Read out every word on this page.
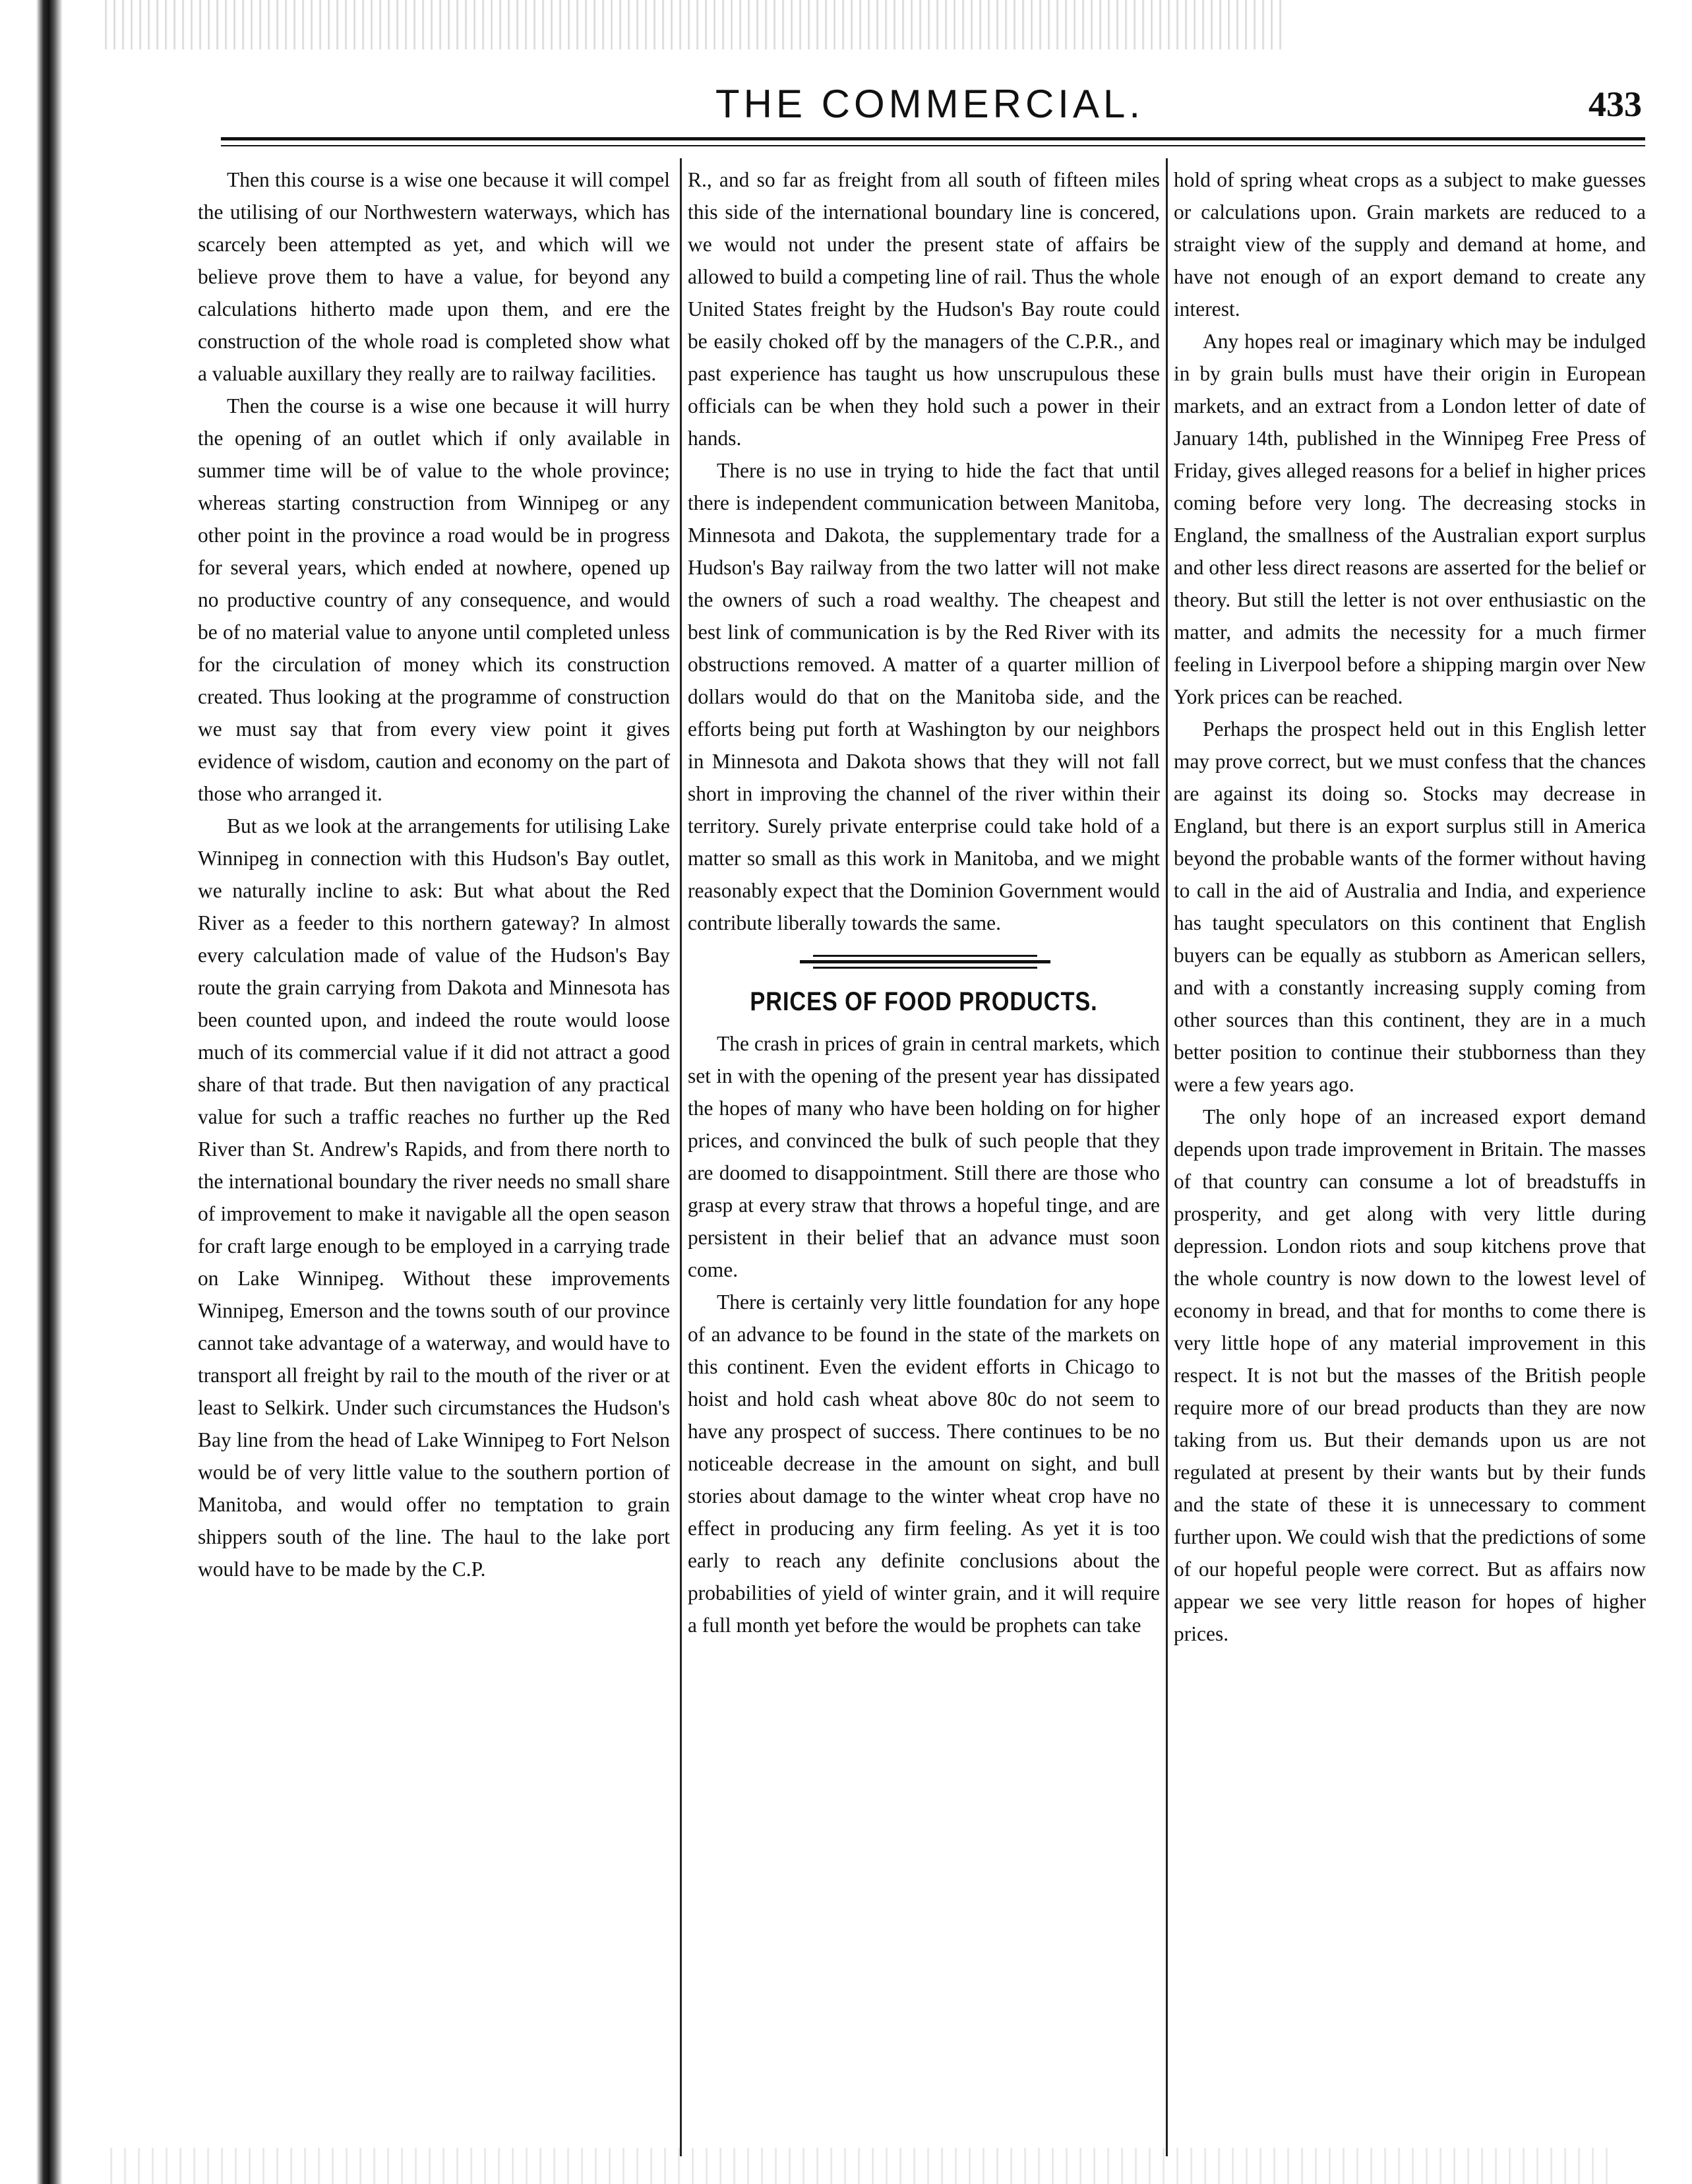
THE COMMERCIAL.	433

Then this course is a wise one because it will compel the utilising of our Northwestern waterways, which has scarcely been attempted as yet, and which will we believe prove them to have a value, for beyond any calculations hitherto made upon them, and ere the construction of the whole road is completed show what a valuable auxillary they really are to railway facilities.

Then the course is a wise one because it will hurry the opening of an outlet which if only available in summer time will be of value to the whole province; whereas starting construction from Winnipeg or any other point in the province a road would be in progress for several years, which ended at nowhere, opened up no productive country of any consequence, and would be of no material value to anyone until completed unless for the circulation of money which its construction created. Thus looking at the programme of construction we must say that from every view point it gives evidence of wisdom, caution and economy on the part of those who arranged it.

But as we look at the arrangements for utilising Lake Winnipeg in connection with this Hudson's Bay outlet, we naturally incline to ask: But what about the Red River as a feeder to this northern gateway? In almost every calculation made of value of the Hudson's Bay route the grain carrying from Dakota and Minnesota has been counted upon, and indeed the route would loose much of its commercial value if it did not attract a good share of that trade. But then navigation of any practical value for such a traffic reaches no further up the Red River than St. Andrew's Rapids, and from there north to the international boundary the river needs no small share of improvement to make it navigable all the open season for craft large enough to be employed in a carrying trade on Lake Winnipeg. Without these improvements Winnipeg, Emerson and the towns south of our province cannot take advantage of a waterway, and would have to transport all freight by rail to the mouth of the river or at least to Selkirk. Under such circumstances the Hudson's Bay line from the head of Lake Winnipeg to Fort Nelson would be of very little value to the southern portion of Manitoba, and would offer no temptation to grain shippers south of the line. The haul to the lake port would have to be made by the C.P.

R., and so far as freight from all south of fifteen miles this side of the international boundary line is concered, we would not under the present state of affairs be allowed to build a competing line of rail. Thus the whole United States freight by the Hudson's Bay route could be easily choked off by the managers of the C.P.R., and past experience has taught us how unscrupulous these officials can be when they hold such a power in their hands.

There is no use in trying to hide the fact that until there is independent communication between Manitoba, Minnesota and Dakota, the supplementary trade for a Hudson's Bay railway from the two latter will not make the owners of such a road wealthy. The cheapest and best link of communication is by the Red River with its obstructions removed. A matter of a quarter million of dollars would do that on the Manitoba side, and the efforts being put forth at Washington by our neighbors in Minnesota and Dakota shows that they will not fall short in improving the channel of the river within their territory. Surely private enterprise could take hold of a matter so small as this work in Manitoba, and we might reasonably expect that the Dominion Government would contribute liberally towards the same.

PRICES OF FOOD PRODUCTS.

The crash in prices of grain in central markets, which set in with the opening of the present year has dissipated the hopes of many who have been holding on for higher prices, and convinced the bulk of such people that they are doomed to disappointment. Still there are those who grasp at every straw that throws a hopeful tinge, and are persistent in their belief that an advance must soon come.

There is certainly very little foundation for any hope of an advance to be found in the state of the markets on this continent. Even the evident efforts in Chicago to hoist and hold cash wheat above 80c do not seem to have any prospect of success. There continues to be no noticeable decrease in the amount on sight, and bull stories about damage to the winter wheat crop have no effect in producing any firm feeling. As yet it is too early to reach any definite conclusions about the probabilities of yield of winter grain, and it will require a full month yet before the would be prophets can take

hold of spring wheat crops as a subject to make guesses or calculations upon. Grain markets are reduced to a straight view of the supply and demand at home, and have not enough of an export demand to create any interest.

Any hopes real or imaginary which may be indulged in by grain bulls must have their origin in European markets, and an extract from a London letter of date of January 14th, published in the Winnipeg Free Press of Friday, gives alleged reasons for a belief in higher prices coming before very long. The decreasing stocks in England, the smallness of the Australian export surplus and other less direct reasons are asserted for the belief or theory. But still the letter is not over enthusiastic on the matter, and admits the necessity for a much firmer feeling in Liverpool before a shipping margin over New York prices can be reached.

Perhaps the prospect held out in this English letter may prove correct, but we must confess that the chances are against its doing so. Stocks may decrease in England, but there is an export surplus still in America beyond the probable wants of the former without having to call in the aid of Australia and India, and experience has taught speculators on this continent that English buyers can be equally as stubborn as American sellers, and with a constantly increasing supply coming from other sources than this continent, they are in a much better position to continue their stubborness than they were a few years ago.

The only hope of an increased export demand depends upon trade improvement in Britain. The masses of that country can consume a lot of breadstuffs in prosperity, and get along with very little during depression. London riots and soup kitchens prove that the whole country is now down to the lowest level of economy in bread, and that for months to come there is very little hope of any material improvement in this respect. It is not but the masses of the British people require more of our bread products than they are now taking from us. But their demands upon us are not regulated at present by their wants but by their funds and the state of these it is unnecessary to comment further upon. We could wish that the predictions of some of our hopeful people were correct. But as affairs now appear we see very little reason for hopes of higher prices.
